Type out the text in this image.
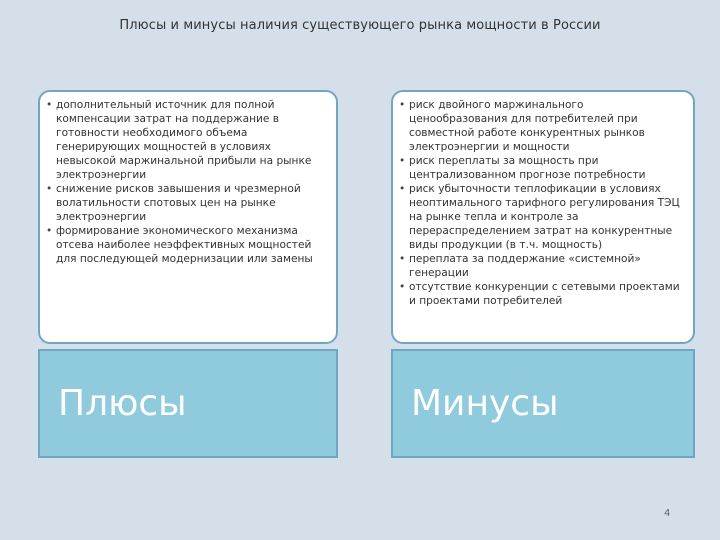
Плюсы и минусы наличия существующего рынка мощности в России
• дополнительный источник для полной компенсации затрат на поддержание в готовности необходимого объема генерирующих мощностей в условиях невысокой маржинальной прибыли на рынке электроэнергии
• снижение рисков завышения и чрезмерной волатильности спотовых цен на рынке электроэнергии
• формирование экономического механизма отсева наиболее неэффективных мощностей для последующей модернизации или замены
• риск двойного маржинального ценообразования для потребителей при совместной работе конкурентных рынков электроэнергии и мощности
• риск переплаты за мощность при централизованном прогнозе потребности
• риск убыточности теплофикации в условиях неоптимального тарифного регулирования ТЭЦ на рынке тепла и контроле за перераспределением затрат на конкурентные виды продукции (в т.ч. мощность)
• переплата за поддержание «системной» генерации
• отсутствие конкуренции с сетевыми проектами и проектами потребителей
Плюсы	Минусы
4
